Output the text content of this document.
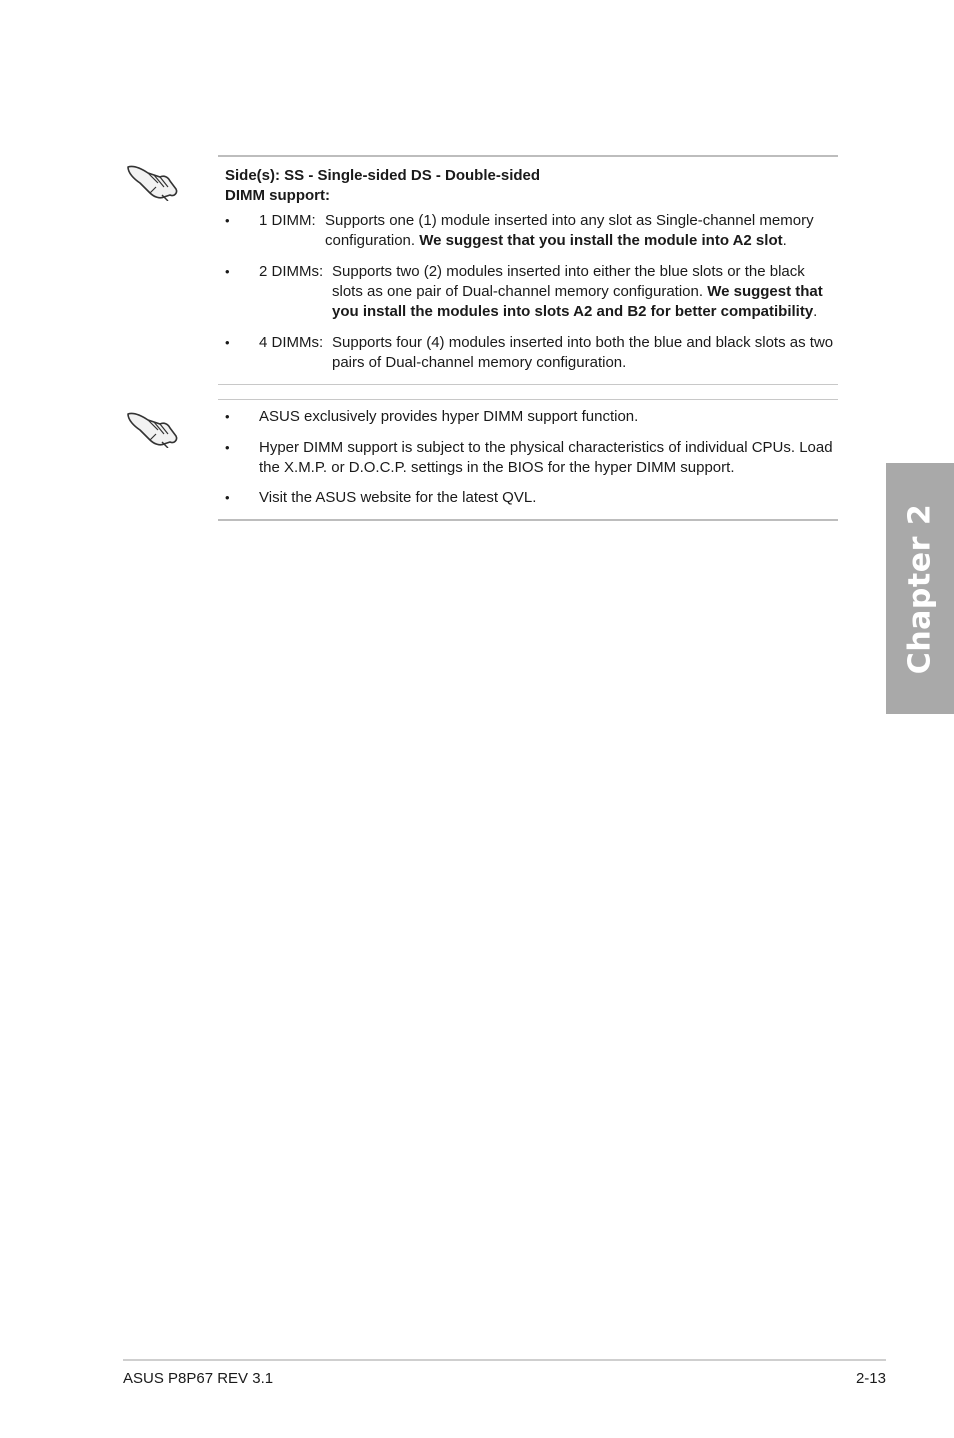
Side(s): SS - Single-sided DS - Double-sided
DIMM support:
• 1 DIMM: Supports one (1) module inserted into any slot as Single-channel memory
configuration. We suggest that you install the module into A2 slot.
• 2 DIMMs: Supports two (2) modules inserted into either the blue slots or the black
slots as one pair of Dual-channel memory configuration. We suggest that
you install the modules into slots A2 and B2 for better compatibility.
• 4 DIMMs: Supports four (4) modules inserted into both the blue and black slots as two
pairs of Dual-channel memory configuration.
• ASUS exclusively provides hyper DIMM support function.
• Hyper DIMM support is subject to the physical characteristics of individual CPUs. Load
the X.M.P. or D.O.C.P. settings in the BIOS for the hyper DIMM support.
• Visit the ASUS website for the latest QVL.
Chapter 2
ASUS P8P67 REV 3.1	2-13
